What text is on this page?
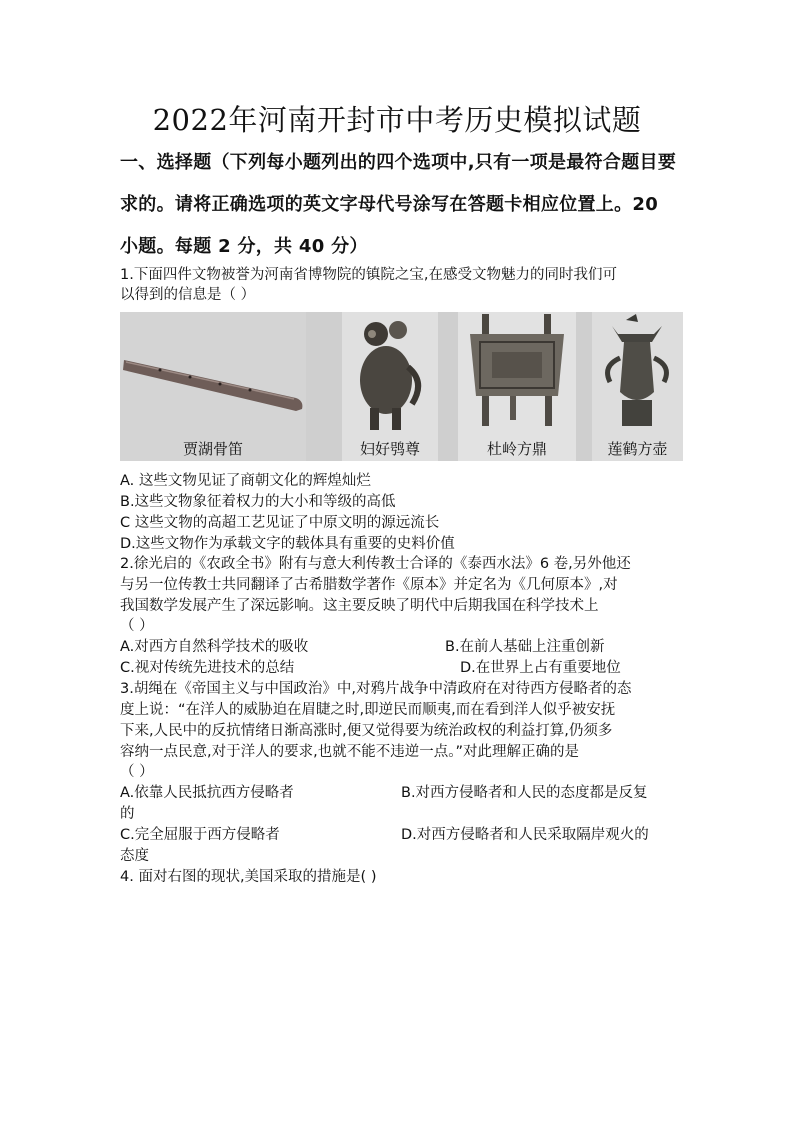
2022年河南开封市中考历史模拟试题
一、选择题（下列每小题列出的四个选项中,只有一项是最符合题目要
求的。请将正确选项的英文字母代号涂写在答题卡相应位置上。20
小题。每题 2 分，共 40 分）
1.下面四件文物被誉为河南省博物院的镇院之宝,在感受文物魅力的同时我们可
以得到的信息是（ ）
贾湖骨笛	妇好鸮尊	杜岭方鼎	莲鹤方壶
A. 这些文物见证了商朝文化的辉煌灿烂
B.这些文物象征着权力的大小和等级的高低
C 这些文物的高超工艺见证了中原文明的源远流长
D.这些文物作为承载文字的载体具有重要的史料价值
2.徐光启的《农政全书》附有与意大利传教士合译的《泰西水法》6 卷,另外他还
与另一位传教士共同翻译了古希腊数学著作《原本》并定名为《几何原本》,对
我国数学发展产生了深远影响。这主要反映了明代中后期我国在科学技术上
（ ）
A.对西方自然科学技术的吸收	B.在前人基础上注重创新
C.视对传统先进技术的总结	D.在世界上占有重要地位
3.胡绳在《帝国主义与中国政治》中,对鸦片战争中清政府在对待西方侵略者的态
度上说：“在洋人的威胁迫在眉睫之时,即逆民而顺夷,而在看到洋人似乎被安抚
下来,人民中的反抗情绪日渐高涨时,便又觉得要为统治政权的利益打算,仍须多
容纳一点民意,对于洋人的要求,也就不能不违逆一点。”对此理解正确的是
（ ）
A.依靠人民抵抗西方侵略者	B.对西方侵略者和人民的态度都是反复
的
C.完全屈服于西方侵略者	D.对西方侵略者和人民采取隔岸观火的
态度
4. 面对右图的现状,美国采取的措施是( )
